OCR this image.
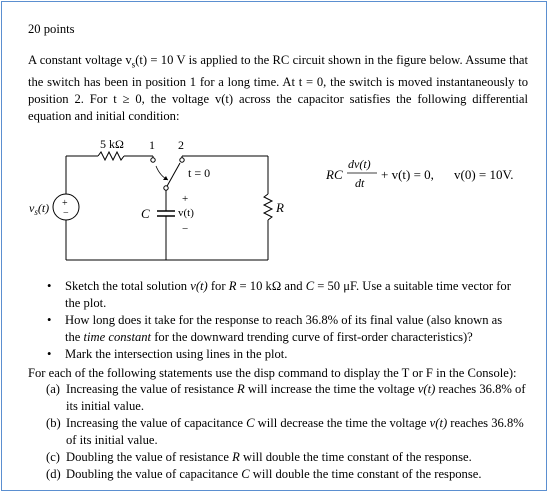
20 points
A constant voltage $v_s(t) = 10$ V is applied to the RC circuit shown in the figure below. Assume that the switch has been in position 1 for a long time. At t = 0, the switch is moved instantaneously to position 2. For t ≥ 0, the voltage v(t) across the capacitor satisfies the following differential equation and initial condition:
5 kΩ 1 2
t = 0
+
−
$v_s(t)$	C
+
v(t)
−
R
RC
dv(t)
dt
+ v(t) = 0, v(0) = 10V.
• Sketch the total solution v(t) for R = 10 kΩ and C = 50 μF. Use a suitable time vector for the plot.
• How long does it take for the response to reach 36.8% of its final value (also known as the time constant for the downward trending curve of first-order characteristics)?
• Mark the intersection using lines in the plot.
For each of the following statements use the disp command to display the T or F in the Console):
(a) Increasing the value of resistance R will increase the time the voltage v(t) reaches 36.8% of its initial value.
(b) Increasing the value of capacitance C will decrease the time the voltage v(t) reaches 36.8% of its initial value.
(c) Doubling the value of resistance R will double the time constant of the response.
(d) Doubling the value of capacitance C will double the time constant of the response.
